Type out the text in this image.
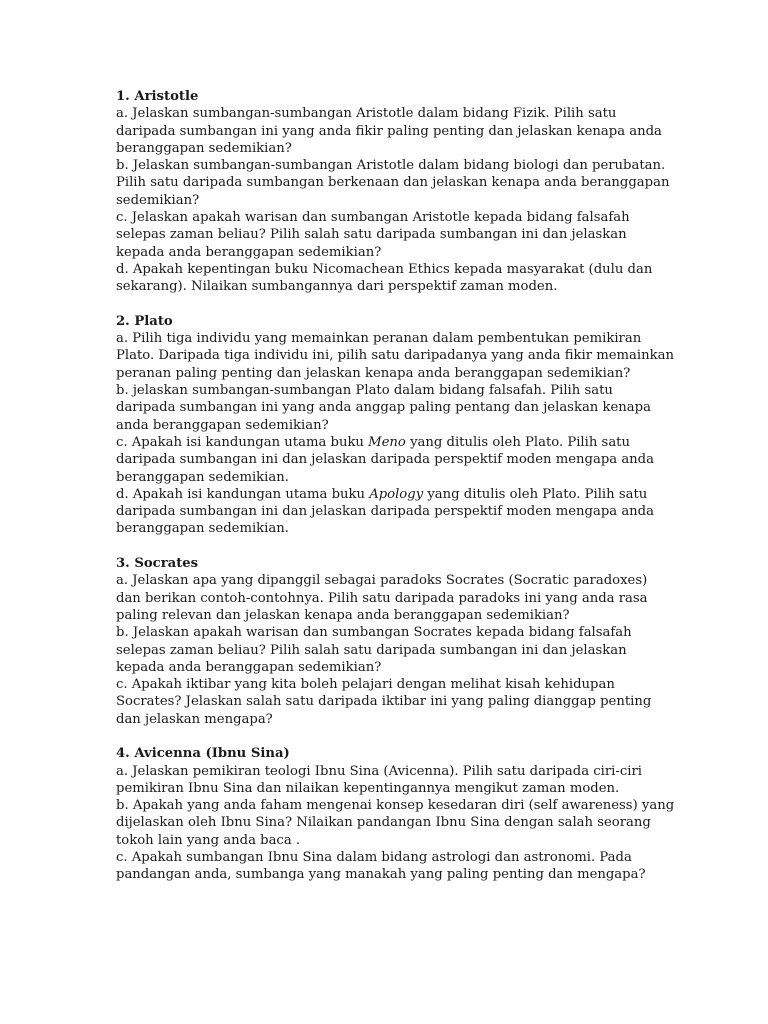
1. Aristotle

a. Jelaskan sumbangan-sumbangan Aristotle dalam bidang Fizik. Pilih satu daripada sumbangan ini yang anda fikir paling penting dan jelaskan kenapa anda beranggapan sedemikian?

b. Jelaskan sumbangan-sumbangan Aristotle dalam bidang biologi dan perubatan. Pilih satu daripada sumbangan berkenaan dan jelaskan kenapa anda beranggapan sedemikian?

c. Jelaskan apakah warisan dan sumbangan Aristotle kepada bidang falsafah selepas zaman beliau? Pilih salah satu daripada sumbangan ini dan jelaskan kepada anda beranggapan sedemikian?

d. Apakah kepentingan buku Nicomachean Ethics kepada masyarakat (dulu dan sekarang). Nilaikan sumbangannya dari perspektif zaman moden.

2. Plato

a. Pilih tiga individu yang memainkan peranan dalam pembentukan pemikiran Plato. Daripada tiga individu ini, pilih satu daripadanya yang anda fikir memainkan peranan paling penting dan jelaskan kenapa anda beranggapan sedemikian?

b. jelaskan sumbangan-sumbangan Plato dalam bidang falsafah. Pilih satu daripada sumbangan ini yang anda anggap paling pentang dan jelaskan kenapa anda beranggapan sedemikian?

c. Apakah isi kandungan utama buku Meno yang ditulis oleh Plato. Pilih satu daripada sumbangan ini dan jelaskan daripada perspektif moden mengapa anda beranggapan sedemikian.

d. Apakah isi kandungan utama buku Apology yang ditulis oleh Plato. Pilih satu daripada sumbangan ini dan jelaskan daripada perspektif moden mengapa anda beranggapan sedemikian.

3. Socrates

a. Jelaskan apa yang dipanggil sebagai paradoks Socrates (Socratic paradoxes) dan berikan contoh-contohnya. Pilih satu daripada paradoks ini yang anda rasa paling relevan dan jelaskan kenapa anda beranggapan sedemikian?

b. Jelaskan apakah warisan dan sumbangan Socrates kepada bidang falsafah selepas zaman beliau? Pilih salah satu daripada sumbangan ini dan jelaskan kepada anda beranggapan sedemikian?

c. Apakah iktibar yang kita boleh pelajari dengan melihat kisah kehidupan Socrates? Jelaskan salah satu daripada iktibar ini yang paling dianggap penting dan jelaskan mengapa?

4. Avicenna (Ibnu Sina)

a. Jelaskan pemikiran teologi Ibnu Sina (Avicenna). Pilih satu daripada ciri-ciri pemikiran Ibnu Sina dan nilaikan kepentingannya mengikut zaman moden.

b. Apakah yang anda faham mengenai konsep kesedaran diri (self awareness) yang dijelaskan oleh Ibnu Sina? Nilaikan pandangan Ibnu Sina dengan salah seorang tokoh lain yang anda baca .

c. Apakah sumbangan Ibnu Sina dalam bidang astrologi dan astronomi. Pada pandangan anda, sumbanga yang manakah yang paling penting dan mengapa?
